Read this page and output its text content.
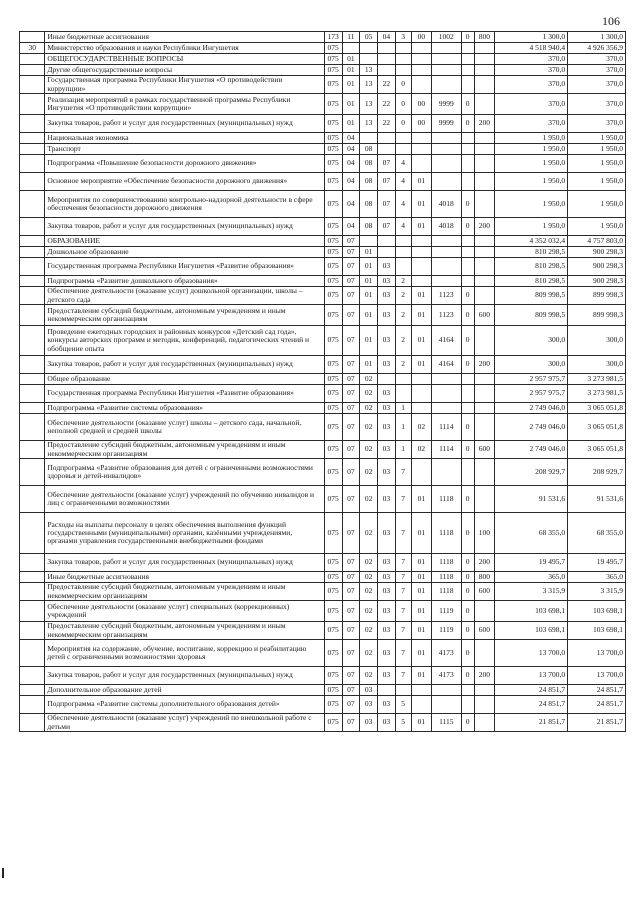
106
	Иные бюджетные ассигнования	173	11	05	04	3	00	1002	0	800	1 300,0	1 300,0
30	Министерство образования и науки Республики Ингушетия	075									4 518 940,4	4 926 356,9
	ОБЩЕГОСУДАРСТВЕННЫЕ ВОПРОСЫ	075	01								370,0	370,0
	Другие общегосударственные вопросы	075	01	13							370,0	370,0
	Государственная программа Республики Ингушетия «О противодействии коррупции»	075	01	13	22	0					370,0	370,0
	Реализация мероприятий в рамках государственной программы Республики Ингушетия «О противодействии коррупции»	075	01	13	22	0	00	9999	0		370,0	370,0
	Закупка товаров, работ и услуг для государственных (муниципальных) нужд	075	01	13	22	0	00	9999	0	200	370,0	370,0
	Национальная экономика	075	04								1 950,0	1 950,0
	Транспорт	075	04	08							1 950,0	1 950,0
	Подпрограмма «Повышение безопасности дорожного движения»	075	04	08	07	4					1 950,0	1 950,0
	Основное мероприятие «Обеспечение безопасности дорожного движения»	075	04	08	07	4	01				1 950,0	1 950,0
	Мероприятия по совершенствованию контрольно-надзорной деятельности в сфере обеспечения безопасности дорожного движения	075	04	08	07	4	01	4018	0		1 950,0	1 950,0
	Закупка товаров, работ и услуг для государственных (муниципальных) нужд	075	04	08	07	4	01	4018	0	200	1 950,0	1 950,0
	ОБРАЗОВАНИЕ	075	07								4 352 032,4	4 757 803,0
	Дошкольное образование	075	07	01							810 298,5	900 298,3
	Государственная программа Республики Ингушетия «Развитие образования»	075	07	01	03						810 298,5	900 298,3
	Подпрограмма «Развитие дошкольного образования»	075	07	01	03	2					810 298,5	900 298,3
	Обеспечение деятельности (оказание услуг) дошкольной организации, школы – детского сада	075	07	01	03	2	01	1123	0		809 998,5	899 998,3
	Предоставление субсидий бюджетным, автономным учреждениям и иным некоммерческим организациям	075	07	01	03	2	01	1123	0	600	809 998,5	899 998,3
	Проведение ежегодных городских и районных конкурсов «Детский сад года», конкурсы авторских программ и методик, конференций, педагогических чтений и обобщение опыта	075	07	01	03	2	01	4164	0		300,0	300,0
	Закупка товаров, работ и услуг для государственных (муниципальных) нужд	075	07	01	03	2	01	4164	0	200	300,0	300,0
	Общее образование	075	07	02							2 957 975,7	3 273 981,5
	Государственная программа Республики Ингушетия «Развитие образования»	075	07	02	03						2 957 975,7	3 273 981,5
	Подпрограмма «Развитие системы образования»	075	07	02	03	1					2 749 046,0	3 065 051,8
	Обеспечение деятельности (оказание услуг) школы – детского сада, начальной, неполной средней и средней школы	075	07	02	03	1	02	1114	0		2 749 046,0	3 065 051,8
	Предоставление субсидий бюджетным, автономным учреждениям и иным некоммерческим организациям	075	07	02	03	1	02	1114	0	600	2 749 046,0	3 065 051,8
	Подпрограмма «Развитие образования для детей с ограниченными возможностями здоровья и детей-инвалидов»	075	07	02	03	7					208 929,7	208 929,7
	Обеспечение деятельности (оказание услуг) учреждений по обучению инвалидов и лиц с ограниченными возможностями	075	07	02	03	7	01	1118	0		91 531,6	91 531,6
	Расходы на выплаты персоналу в целях обеспечения выполнения функций государственными (муниципальными) органами, казёнными учреждениями, органами управления государственными внебюджетными фондами	075	07	02	03	7	01	1118	0	100	68 355,0	68 355,0
	Закупка товаров, работ и услуг для государственных (муниципальных) нужд	075	07	02	03	7	01	1118	0	200	19 495,7	19 495,7
	Иные бюджетные ассигнования	075	07	02	03	7	01	1118	0	800	365,0	365,0
	Предоставление субсидий бюджетным, автономным учреждениям и иным некоммерческим организациям	075	07	02	03	7	01	1118	0	600	3 315,9	3 315,9
	Обеспечение деятельности (оказание услуг) специальных (коррекционных) учреждений	075	07	02	03	7	01	1119	0		103 698,1	103 698,1
	Предоставление субсидий бюджетным, автономным учреждениям и иным некоммерческим организациям	075	07	02	03	7	01	1119	0	600	103 698,1	103 698,1
	Мероприятия на содержание, обучение, воспитание, коррекцию и реабилитацию детей с ограниченными возможностями здоровья	075	07	02	03	7	01	4173	0		13 700,0	13 700,0
	Закупка товаров, работ и услуг для государственных (муниципальных) нужд	075	07	02	03	7	01	4173	0	200	13 700,0	13 700,0
	Дополнительное образование детей	075	07	03							24 851,7	24 851,7
	Подпрограмма «Развитие системы дополнительного образования детей»	075	07	03	03	5					24 851,7	24 851,7
	Обеспечение деятельности (оказание услуг) учреждений по внешкольной работе с детьми	075	07	03	03	5	01	1115	0		21 851,7	21 851,7
